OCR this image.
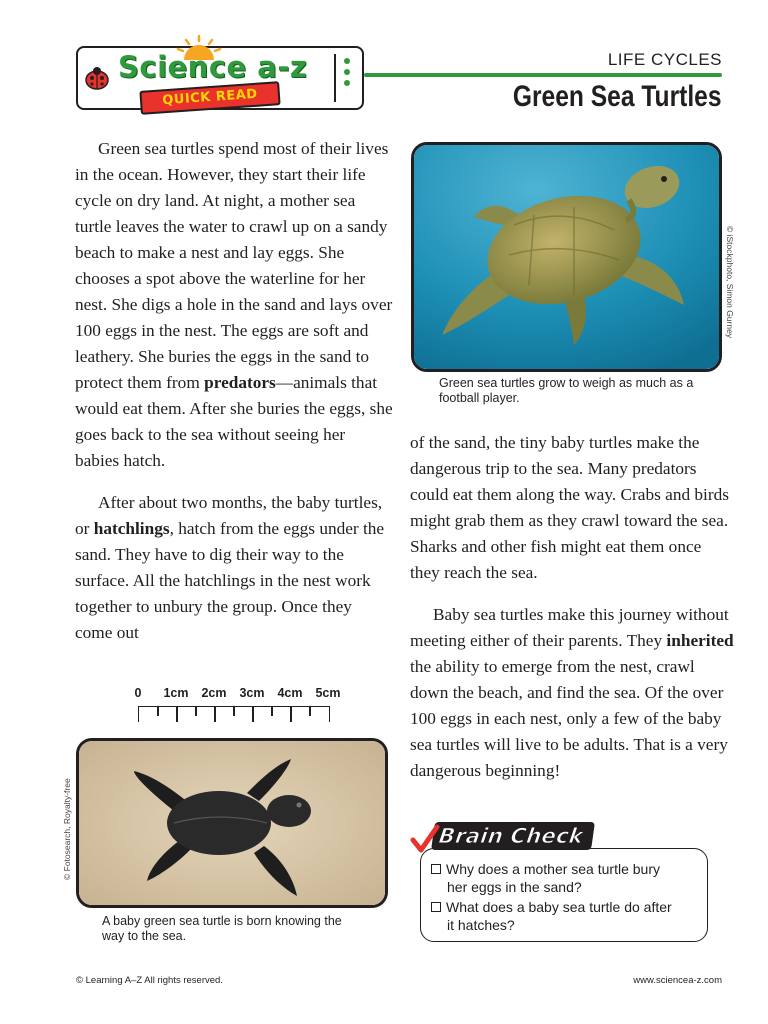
Science a-z
QUICK READ
LIFE CYCLES
Green Sea Turtles

Green sea turtles spend most of their lives in the ocean. However, they start their life cycle on dry land. At night, a mother sea turtle leaves the water to crawl up on a sandy beach to make a nest and lay eggs. She chooses a spot above the waterline for her nest. She digs a hole in the sand and lays over 100 eggs in the nest. The eggs are soft and leathery. She buries the eggs in the sand to protect them from predators—animals that would eat them. After she buries the eggs, she goes back to the sea without seeing her babies hatch.

After about two months, the baby turtles, or hatchlings, hatch from the eggs under the sand. They have to dig their way to the surface. All the hatchlings in the nest work together to unbury the group. Once they come out

Green sea turtles grow to weigh as much as a football player.
© iStockphoto, Simon Gurney

of the sand, the tiny baby turtles make the dangerous trip to the sea. Many predators could eat them along the way. Crabs and birds might grab them as they crawl toward the sea. Sharks and other fish might eat them once they reach the sea.

Baby sea turtles make this journey without meeting either of their parents. They inherited the ability to emerge from the nest, crawl down the beach, and find the sea. Of the over 100 eggs in each nest, only a few of the baby sea turtles will live to be adults. That is a very dangerous beginning!

0 1cm 2cm 3cm 4cm 5cm
A baby green sea turtle is born knowing the way to the sea.
© Fotosearch, Royalty-free	Brain Check
Why does a mother sea turtle bury
her eggs in the sand?
What does a baby sea turtle do after
it hatches?
© Learning A–Z All rights reserved.	www.sciencea-z.com
